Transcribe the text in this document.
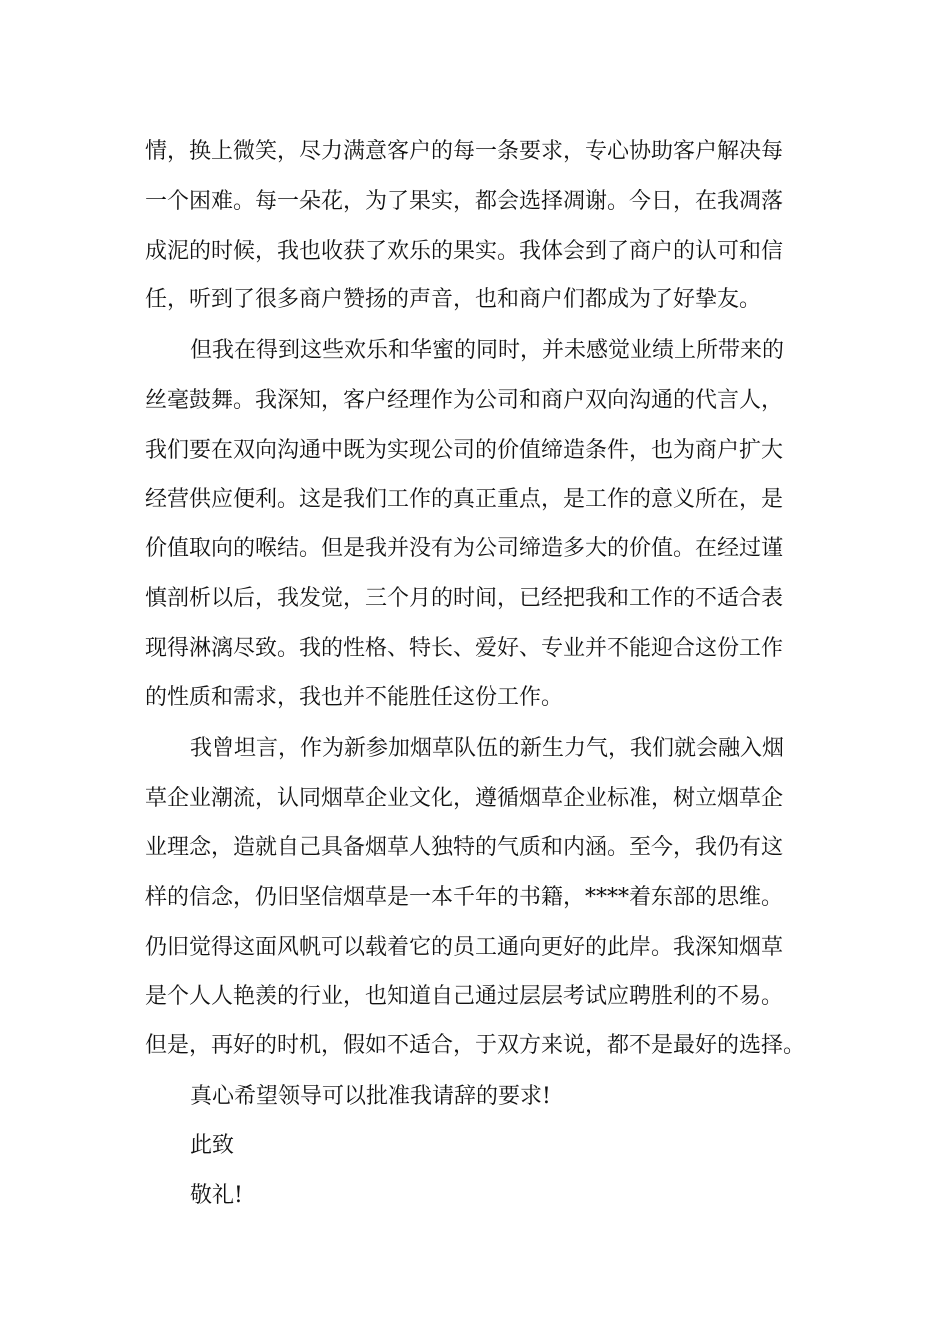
情，换上微笑，尽力满意客户的每一条要求，专心协助客户解决每

一个困难。每一朵花，为了果实，都会选择凋谢。今日，在我凋落

成泥的时候，我也收获了欢乐的果实。我体会到了商户的认可和信

任，听到了很多商户赞扬的声音，也和商户们都成为了好挚友。

但我在得到这些欢乐和华蜜的同时，并未感觉业绩上所带来的

丝毫鼓舞。我深知，客户经理作为公司和商户双向沟通的代言人，

我们要在双向沟通中既为实现公司的价值缔造条件，也为商户扩大

经营供应便利。这是我们工作的真正重点，是工作的意义所在，是

价值取向的喉结。但是我并没有为公司缔造多大的价值。在经过谨

慎剖析以后，我发觉，三个月的时间，已经把我和工作的不适合表

现得淋漓尽致。我的性格、特长、爱好、专业并不能迎合这份工作

的性质和需求，我也并不能胜任这份工作。

我曾坦言，作为新参加烟草队伍的新生力气，我们就会融入烟

草企业潮流，认同烟草企业文化，遵循烟草企业标准，树立烟草企

业理念，造就自己具备烟草人独特的气质和内涵。至今，我仍有这

样的信念，仍旧坚信烟草是一本千年的书籍，****着东部的思维。

仍旧觉得这面风帆可以载着它的员工通向更好的此岸。我深知烟草

是个人人艳羡的行业，也知道自己通过层层考试应聘胜利的不易。

但是，再好的时机，假如不适合，于双方来说，都不是最好的选择。

真心希望领导可以批准我请辞的要求!

此致

敬礼!
